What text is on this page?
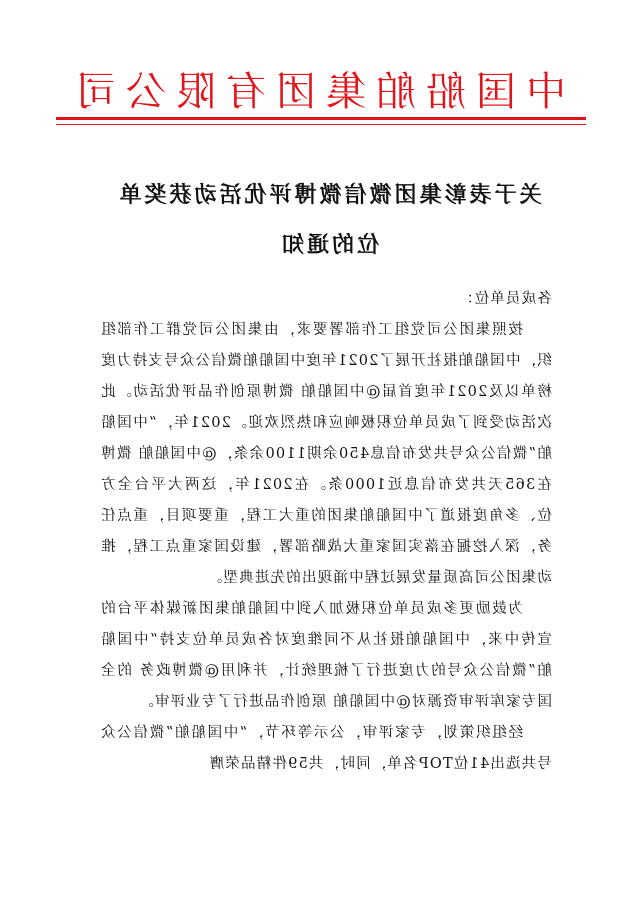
中国船舶集团有限公司
关于表彰集团微信微博评优活动获奖单
位的通知

各成员单位：

按照集团公司党组工作部署要求，由集团公司党群工作部组织，中国船舶报社开展了2021年度中国船舶微信公众号支持力度榜单以及2021年度首届@中国船舶 微博原创作品评优活动。此次活动受到了成员单位积极响应和热烈欢迎。2021年，“中国船舶”微信公众号共发布信息450余期1100余条，@中国船舶 微博在365天共发布信息近1000条。在2021年，这两大平台全方位、多角度报道了中国船舶集团的重大工程，重要项目，重点任务，深入挖掘在落实国家重大战略部署，建设国家重点工程，推动集团公司高质量发展过程中涌现出的先进典型。

为鼓励更多成员单位积极加入到中国船舶集团新媒体平台的宣传中来，中国船舶报社从不同维度对各成员单位支持“中国船舶”微信公众号的力度进行了梳理统计，并利用@微博政务 的全国专家库评审资源对@中国船舶 原创作品进行了专业评审。

经组织策划，专家评审，公示等环节，“中国船舶”微信公众号共选出41位TOP名单，同时，共59件精品荣膺
